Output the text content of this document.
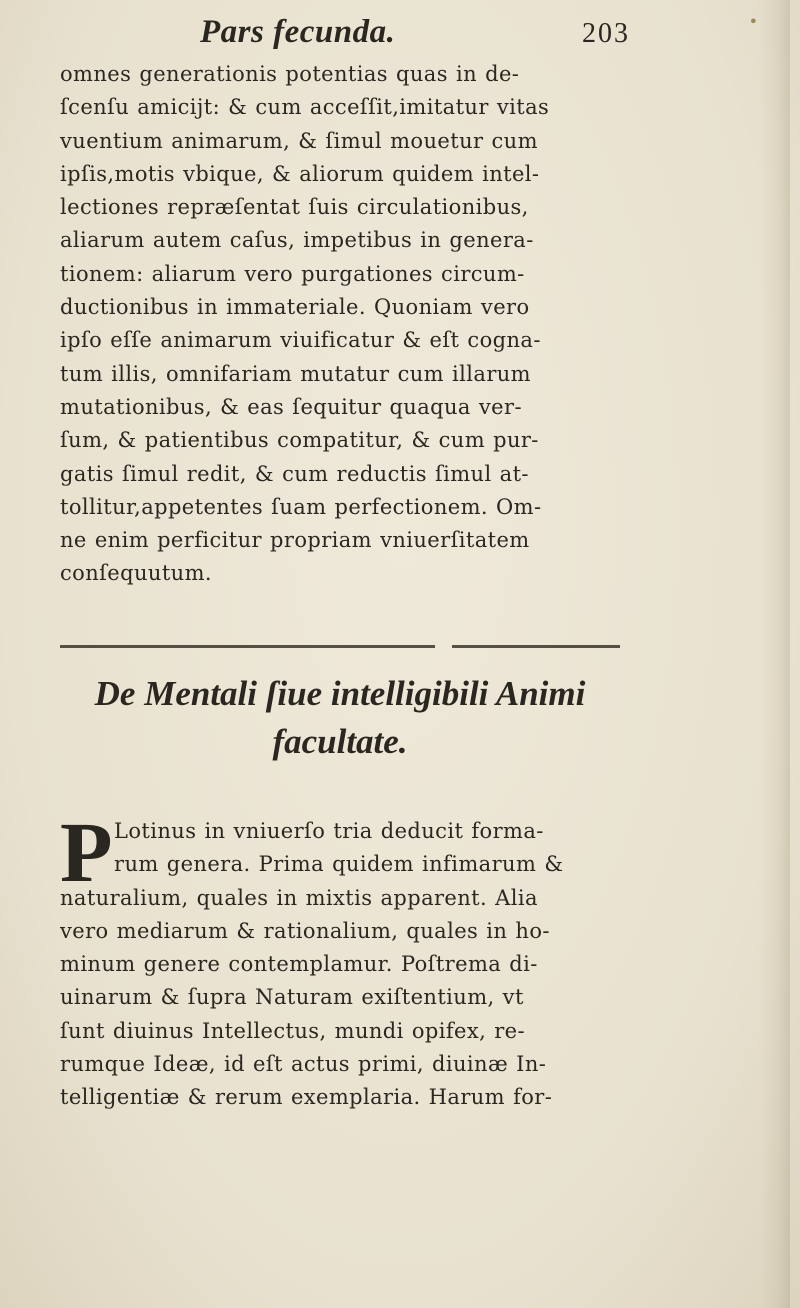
•
Pars fecunda.	203
omnes generationis potentias quas in de-
ſcenſu amicijt: & cum acceſſit,imitatur vitas
vuentium animarum, & ſimul mouetur cum
ipſis,motis vbique, & aliorum quidem intel-
lectiones repræſentat ſuis circulationibus,
aliarum autem caſus, impetibus in genera-
tionem: aliarum vero purgationes circum-
ductionibus in immateriale. Quoniam vero
ipſo eſſe animarum viuificatur & eſt cogna-
tum illis, omnifariam mutatur cum illarum
mutationibus, & eas ſequitur quaqua ver-
ſum, & patientibus compatitur, & cum pur-
gatis ſimul redit, & cum reductis ſimul at-
tollitur,appetentes ſuam perfectionem. Om-
ne enim perficitur propriam vniuerſitatem
conſequutum.
De Mentali ſiue intelligibili Animi
facultate.
P Lotinus in vniuerſo tria deducit forma-
rum genera. Prima quidem infimarum &
naturalium, quales in mixtis apparent. Alia
vero mediarum & rationalium, quales in ho-
minum genere contemplamur. Poſtrema di-
uinarum & ſupra Naturam exiſtentium, vt
ſunt diuinus Intellectus, mundi opifex, re-
rumque Ideæ, id eſt actus primi, diuinæ In-
telligentiæ & rerum exemplaria. Harum for-
